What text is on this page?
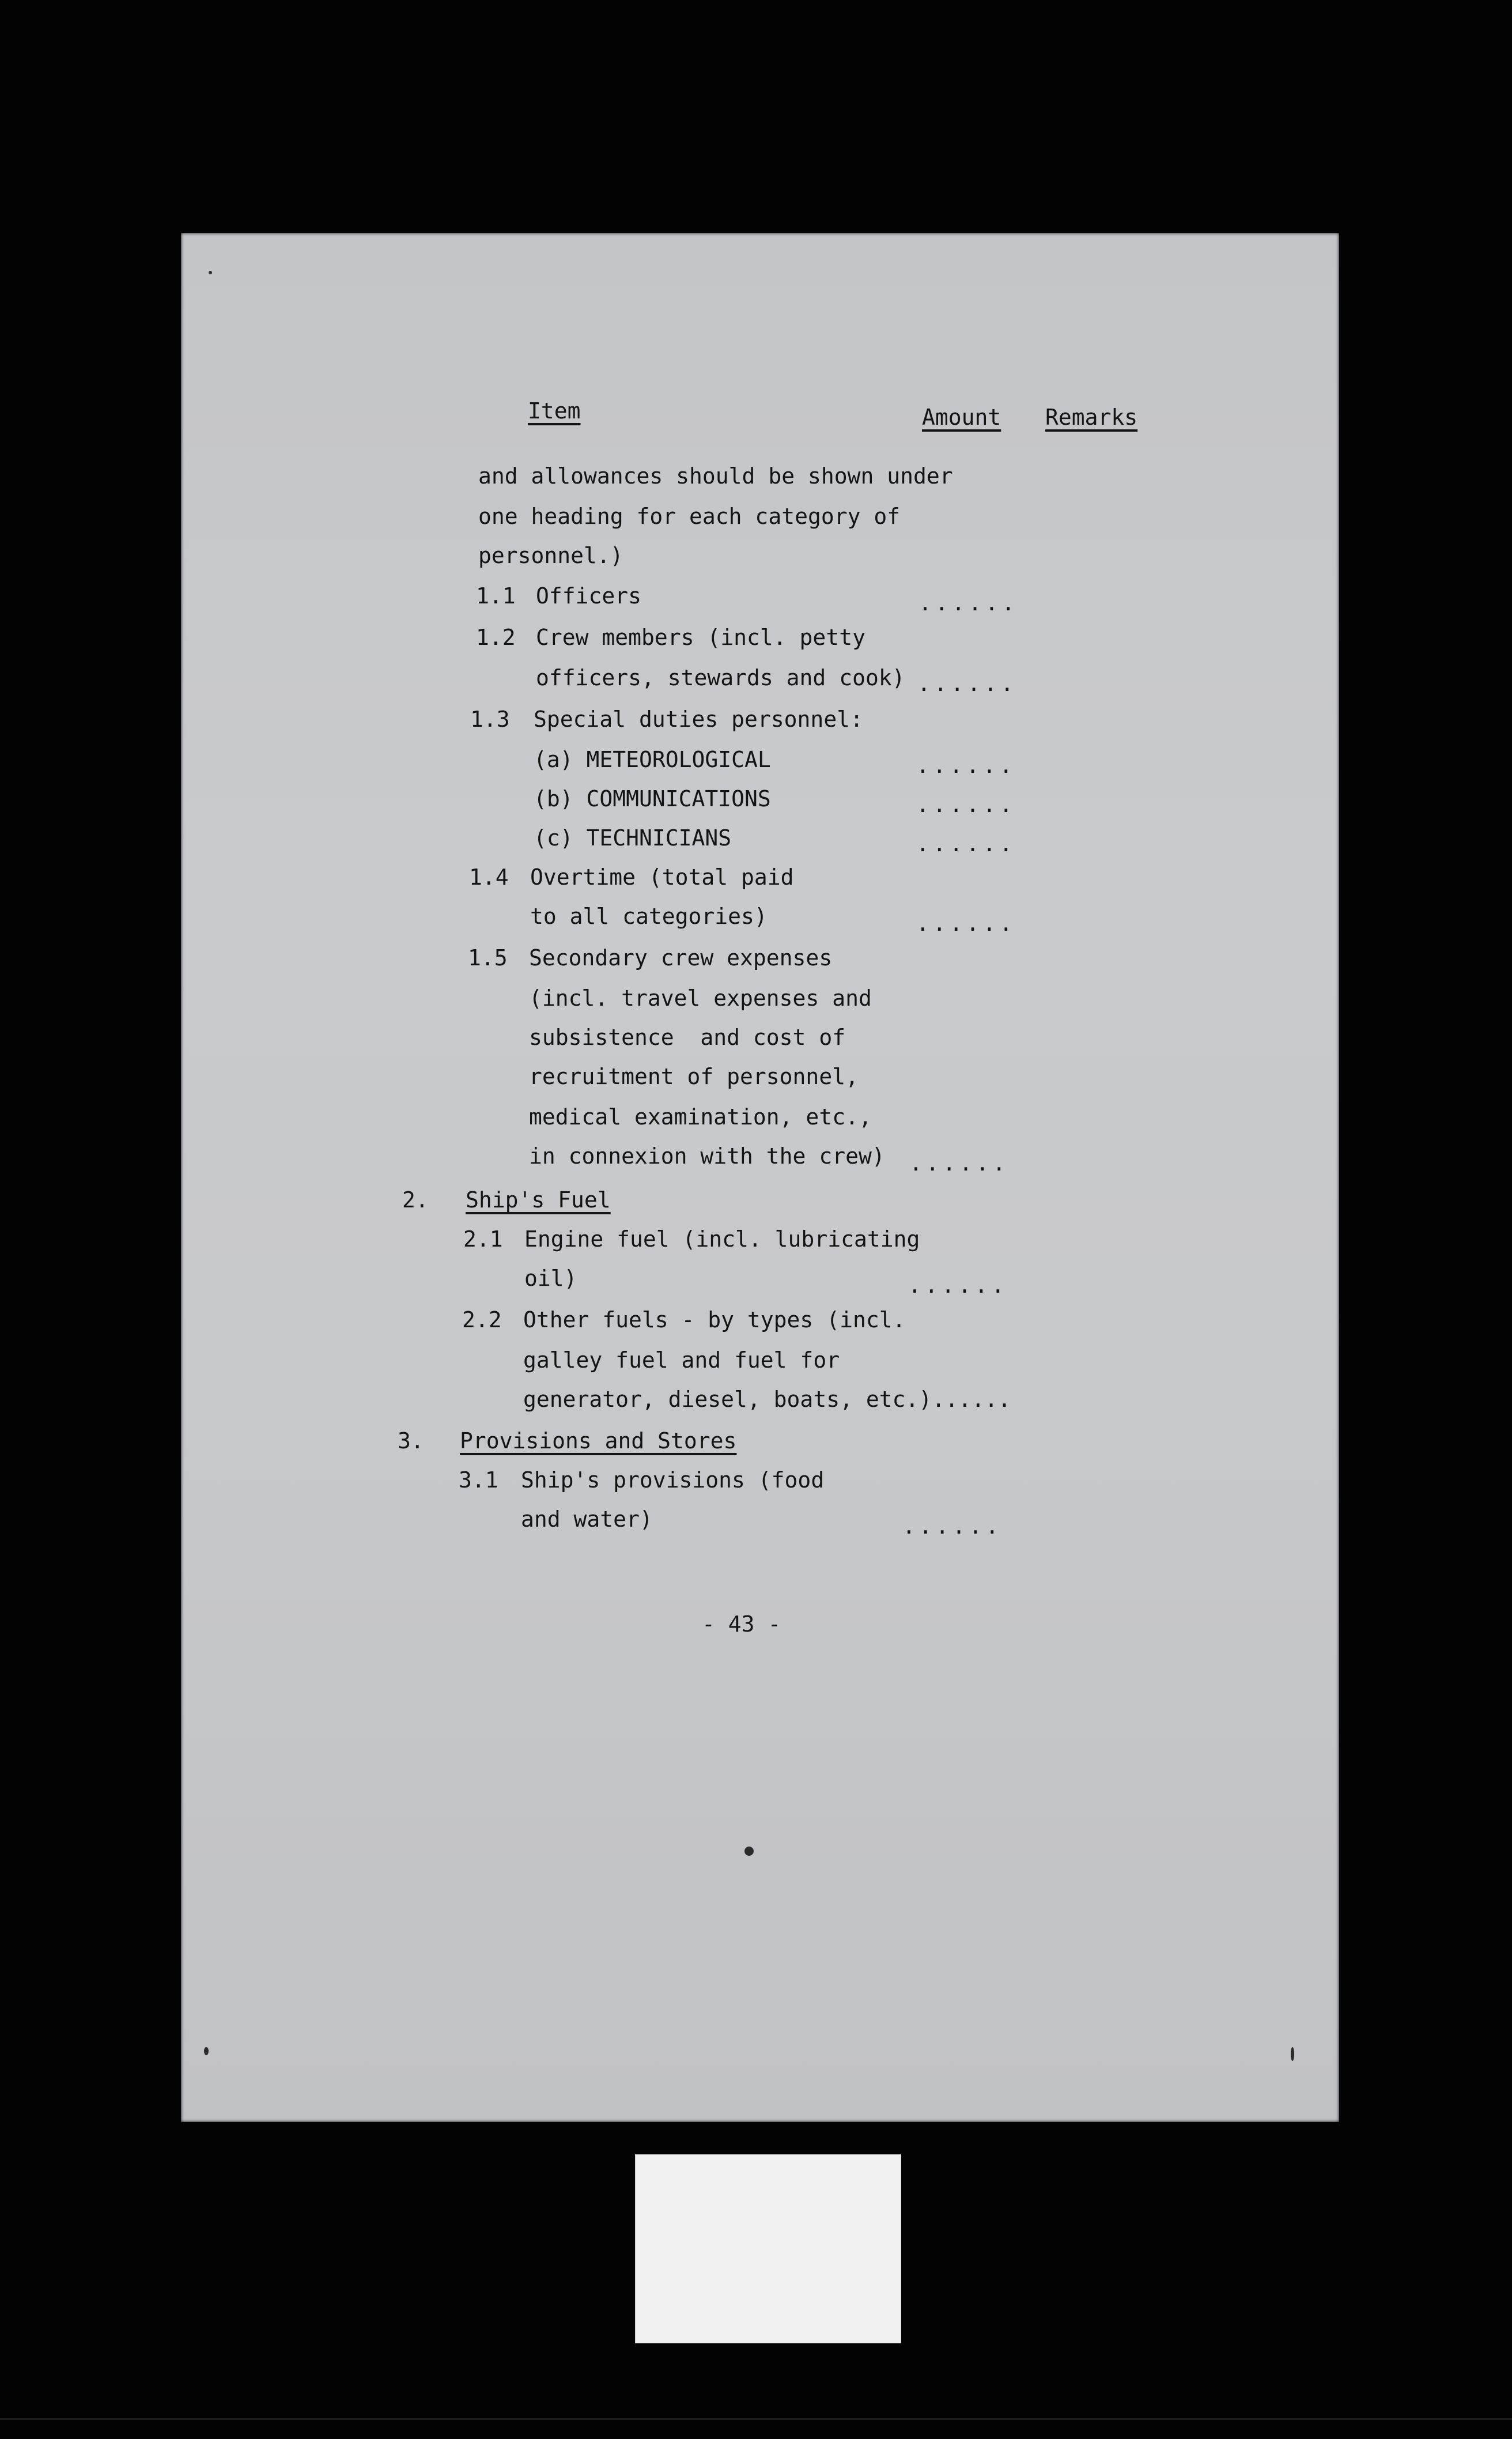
Item	Amount Remarks
and allowances should be shown under
one heading for each category of
personnel.)
1.1 Officers	......
1.2 Crew members (incl. petty
officers, stewards and cook) ......
1.3 Special duties personnel:
(a) METEOROLOGICAL	......
(b) COMMUNICATIONS	......
(c) TECHNICIANS	......
1.4 Overtime (total paid
to all categories)	......
1.5 Secondary crew expenses
(incl. travel expenses and
subsistence  and cost of
recruitment of personnel,
medical examination, etc.,
in connexion with the crew) ......
2. Ship's Fuel
2.1 Engine fuel (incl. lubricating
oil)	......
2.2 Other fuels - by types (incl.
galley fuel and fuel for
generator, diesel, boats, etc.)......
3. Provisions and Stores
3.1 Ship's provisions (food
and water)	......
- 43 -
